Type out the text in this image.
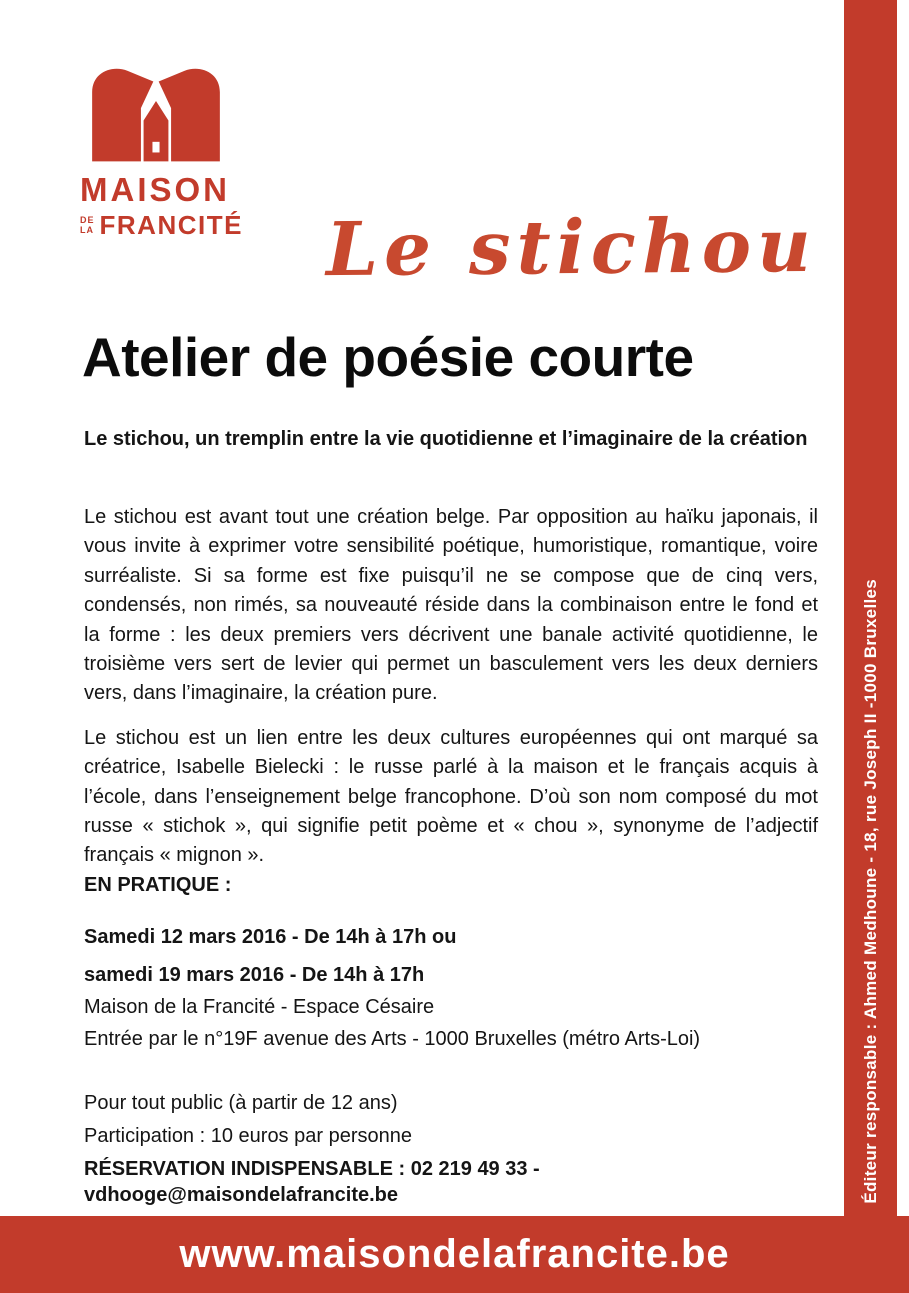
MAISON
DE
LA FRANCITÉ Le stichou
Atelier de poésie courte

Le stichou, un tremplin entre la vie quotidienne et l’imaginaire de la création

Le stichou est avant tout une création belge. Par opposition au haïku japonais, il vous invite à exprimer votre sensibilité poétique, humoristique, romantique, voire surréaliste. Si sa forme est fixe puisqu’il ne se compose que de cinq vers, condensés, non rimés, sa nouveauté réside dans la combinaison entre le fond et la forme : les deux premiers vers décrivent une banale activité quotidienne, le troisième vers sert de levier qui permet un basculement vers les deux derniers vers, dans l’imaginaire, la création pure.

Le stichou est un lien entre les deux cultures européennes qui ont marqué sa créatrice, Isabelle Bielecki : le russe parlé à la maison et le français acquis à l’école, dans l’enseignement belge francophone. D’où son nom composé du mot russe « stichok », qui signifie petit poème et « chou », synonyme de l’adjectif français « mignon ».

EN PRATIQUE :

Samedi 12 mars 2016 - De 14h à 17h ou

samedi 19 mars 2016 - De 14h à 17h

Maison de la Francité - Espace Césaire

Entrée par le n°19F avenue des Arts - 1000 Bruxelles (métro Arts-Loi)

Pour tout public (à partir de 12 ans)

Participation : 10 euros par personne

RÉSERVATION INDISPENSABLE : 02 219 49 33 - vdhooge@maisondelafrancite.be	Éditeur responsable : Ahmed Medhoune - 18, rue Joseph II -1000 Bruxelles
www.maisondelafrancite.be
